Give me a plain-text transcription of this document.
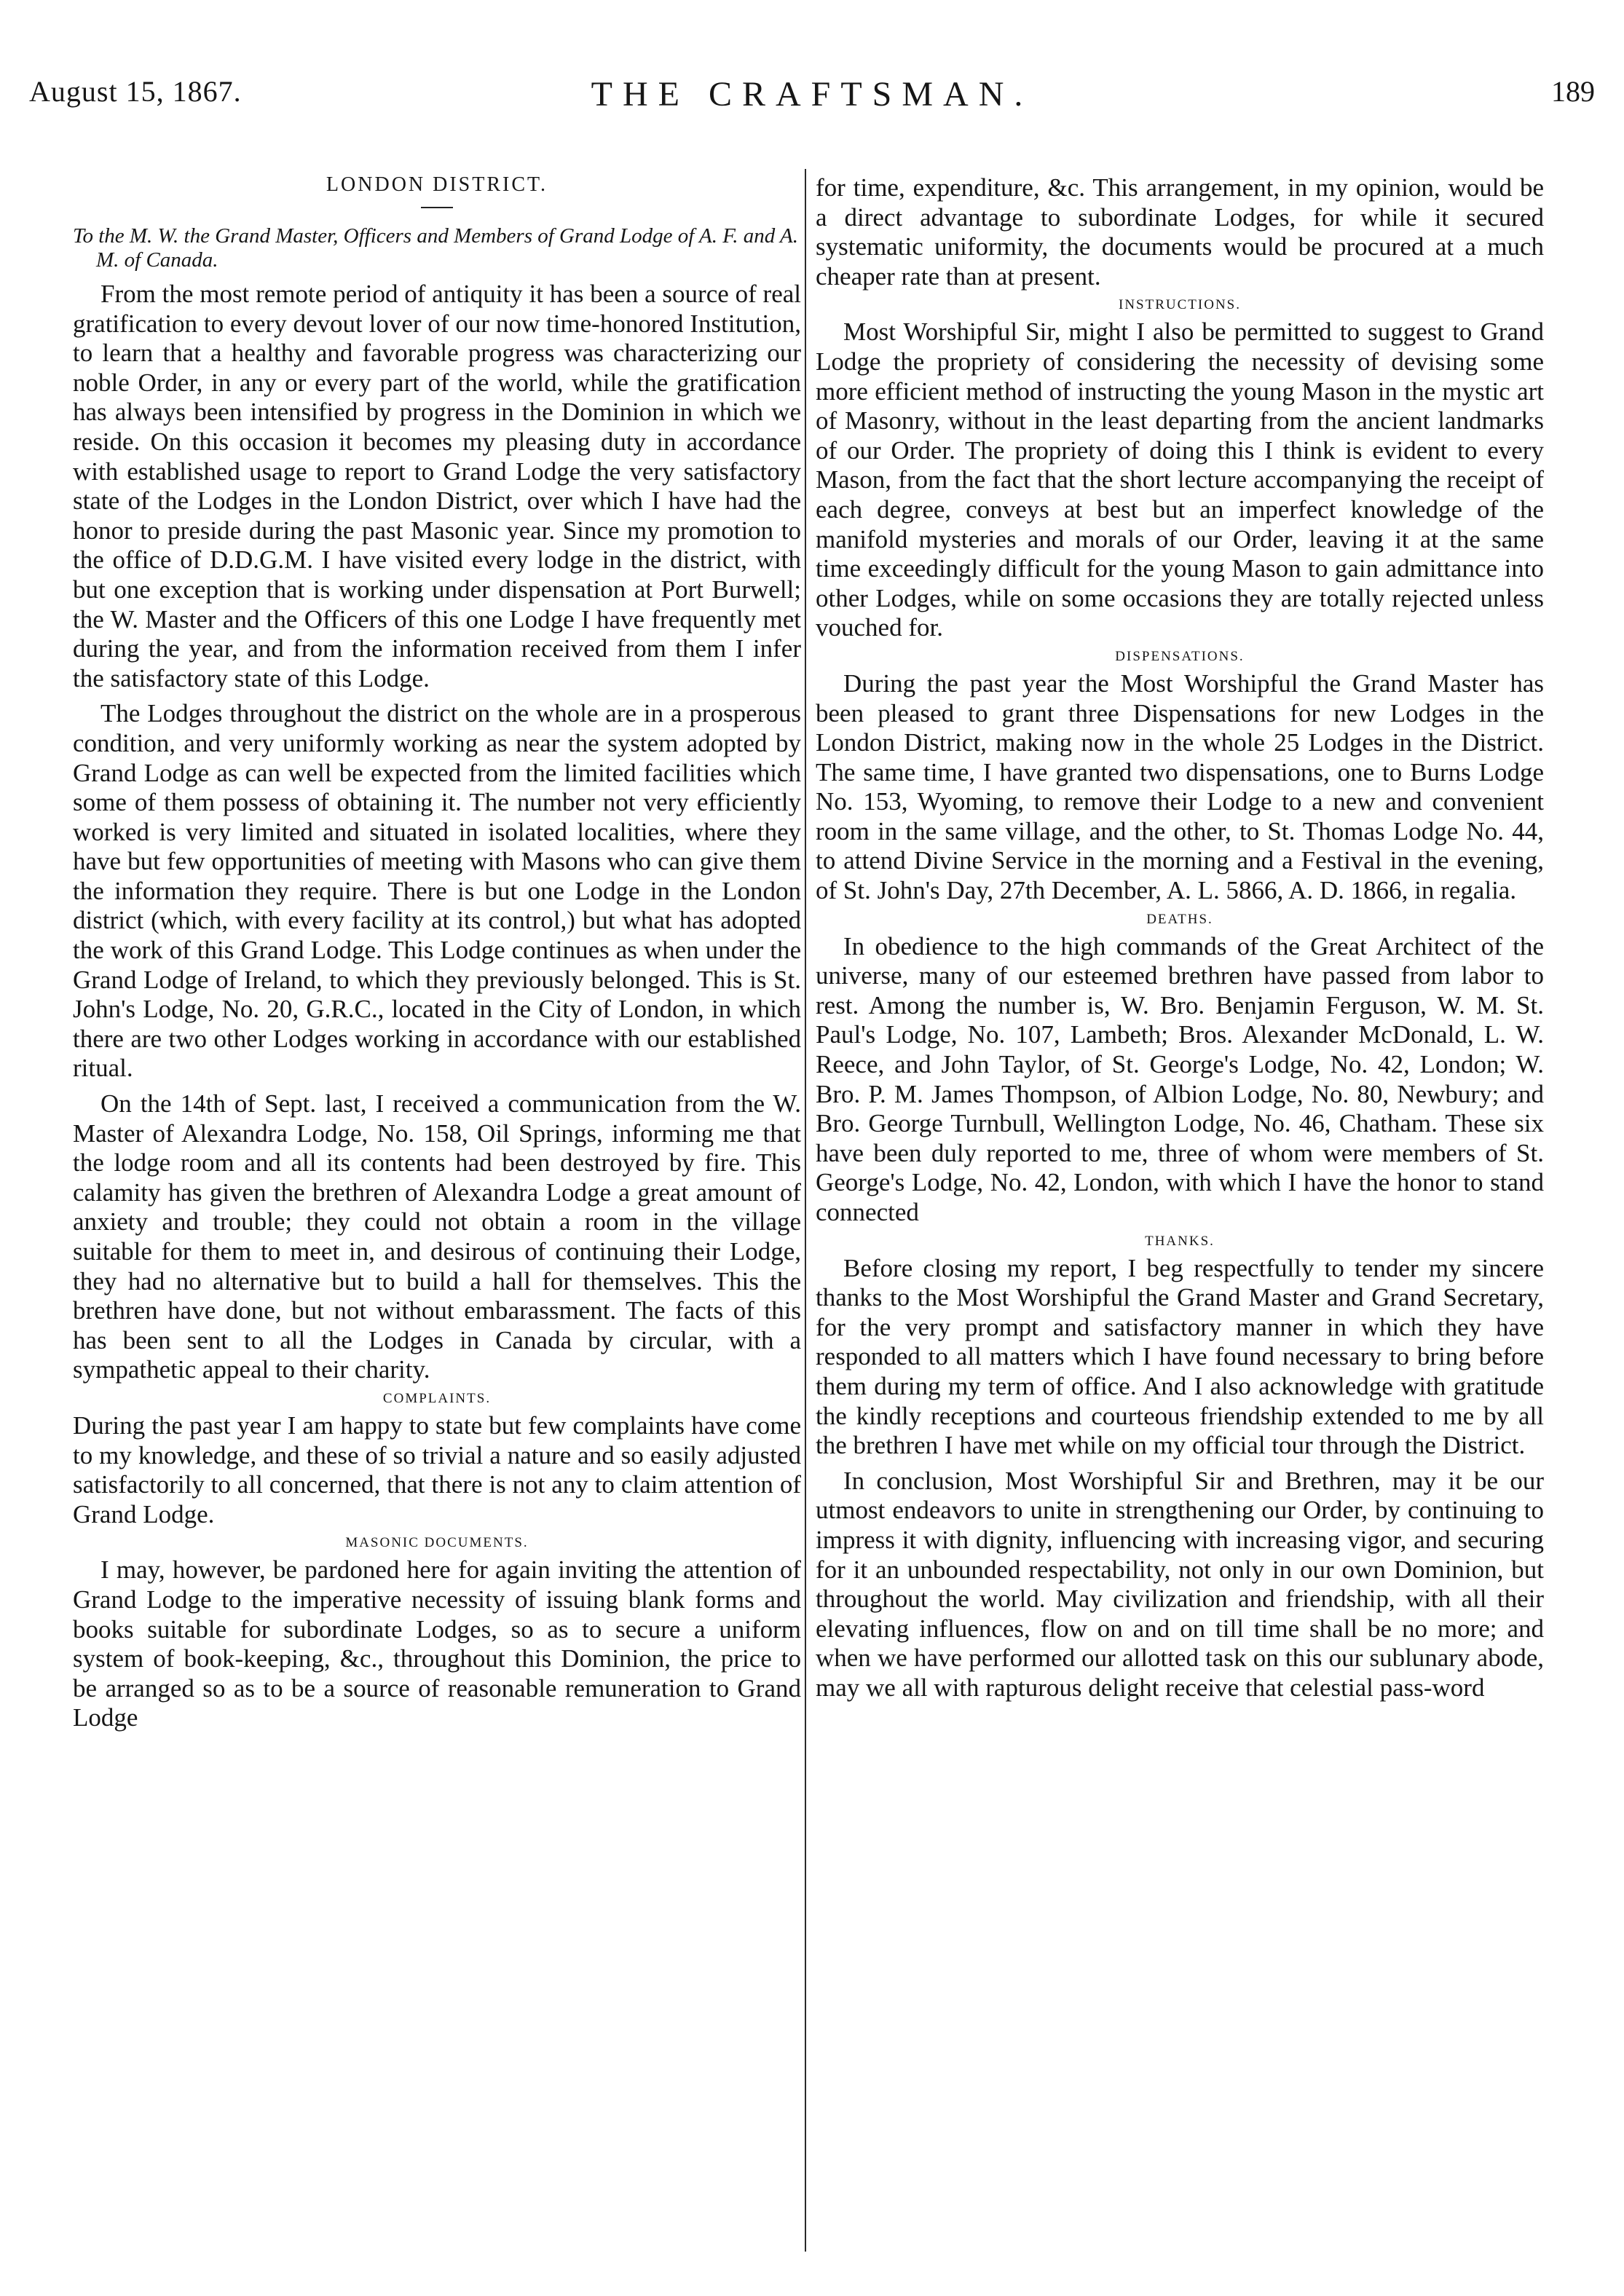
August 15, 1867.	THE CRAFTSMAN.	189
LONDON DISTRICT.

To the M. W. the Grand Master, Officers and Members of Grand Lodge of A. F. and A. M. of Canada.

From the most remote period of antiquity it has been a source of real gratification to every devout lover of our now time-honored Institution, to learn that a healthy and favorable progress was characterizing our noble Order, in any or every part of the world, while the gratification has always been intensified by progress in the Dominion in which we reside. On this occasion it becomes my pleasing duty in accordance with established usage to report to Grand Lodge the very satisfactory state of the Lodges in the London District, over which I have had the honor to preside during the past Masonic year. Since my promotion to the office of D.D.G.M. I have visited every lodge in the district, with but one exception that is working under dispensation at Port Burwell; the W. Master and the Officers of this one Lodge I have frequently met during the year, and from the information received from them I infer the satisfactory state of this Lodge.

The Lodges throughout the district on the whole are in a prosperous condition, and very uniformly working as near the system adopted by Grand Lodge as can well be expected from the limited facilities which some of them possess of obtaining it. The number not very efficiently worked is very limited and situated in isolated localities, where they have but few opportunities of meeting with Masons who can give them the information they require. There is but one Lodge in the London district (which, with every facility at its control,) but what has adopted the work of this Grand Lodge. This Lodge continues as when under the Grand Lodge of Ireland, to which they previously belonged. This is St. John's Lodge, No. 20, G.R.C., located in the City of London, in which there are two other Lodges working in accordance with our established ritual.

On the 14th of Sept. last, I received a communication from the W. Master of Alexandra Lodge, No. 158, Oil Springs, informing me that the lodge room and all its contents had been destroyed by fire. This calamity has given the brethren of Alexandra Lodge a great amount of anxiety and trouble; they could not obtain a room in the village suitable for them to meet in, and desirous of continuing their Lodge, they had no alternative but to build a hall for themselves. This the brethren have done, but not without embarassment. The facts of this has been sent to all the Lodges in Canada by circular, with a sympathetic appeal to their charity.

COMPLAINTS.

During the past year I am happy to state but few complaints have come to my knowledge, and these of so trivial a nature and so easily adjusted satisfactorily to all concerned, that there is not any to claim attention of Grand Lodge.

MASONIC DOCUMENTS.

I may, however, be pardoned here for again inviting the attention of Grand Lodge to the imperative necessity of issuing blank forms and books suitable for subordinate Lodges, so as to secure a uniform system of book-keeping, &c., throughout this Dominion, the price to be arranged so as to be a source of reasonable remuneration to Grand Lodge

for time, expenditure, &c. This arrangement, in my opinion, would be a direct advantage to subordinate Lodges, for while it secured systematic uniformity, the documents would be procured at a much cheaper rate than at present.

INSTRUCTIONS.

Most Worshipful Sir, might I also be permitted to suggest to Grand Lodge the propriety of considering the necessity of devising some more efficient method of instructing the young Mason in the mystic art of Masonry, without in the least departing from the ancient landmarks of our Order. The propriety of doing this I think is evident to every Mason, from the fact that the short lecture accompanying the receipt of each degree, conveys at best but an imperfect knowledge of the manifold mysteries and morals of our Order, leaving it at the same time exceedingly difficult for the young Mason to gain admittance into other Lodges, while on some occasions they are totally rejected unless vouched for.

DISPENSATIONS.

During the past year the Most Worshipful the Grand Master has been pleased to grant three Dispensations for new Lodges in the London District, making now in the whole 25 Lodges in the District. The same time, I have granted two dispensations, one to Burns Lodge No. 153, Wyoming, to remove their Lodge to a new and convenient room in the same village, and the other, to St. Thomas Lodge No. 44, to attend Divine Service in the morning and a Festival in the evening, of St. John's Day, 27th December, A. L. 5866, A. D. 1866, in regalia.

DEATHS.

In obedience to the high commands of the Great Architect of the universe, many of our esteemed brethren have passed from labor to rest. Among the number is, W. Bro. Benjamin Ferguson, W. M. St. Paul's Lodge, No. 107, Lambeth; Bros. Alexander McDonald, L. W. Reece, and John Taylor, of St. George's Lodge, No. 42, London; W. Bro. P. M. James Thompson, of Albion Lodge, No. 80, Newbury; and Bro. George Turnbull, Wellington Lodge, No. 46, Chatham. These six have been duly reported to me, three of whom were members of St. George's Lodge, No. 42, London, with which I have the honor to stand connected

THANKS.

Before closing my report, I beg respectfully to tender my sincere thanks to the Most Worshipful the Grand Master and Grand Secretary, for the very prompt and satisfactory manner in which they have responded to all matters which I have found necessary to bring before them during my term of office. And I also acknowledge with gratitude the kindly receptions and courteous friendship extended to me by all the brethren I have met while on my official tour through the District.

In conclusion, Most Worshipful Sir and Brethren, may it be our utmost endeavors to unite in strengthening our Order, by continuing to impress it with dignity, influencing with increasing vigor, and securing for it an unbounded respectability, not only in our own Dominion, but throughout the world. May civilization and friendship, with all their elevating influences, flow on and on till time shall be no more; and when we have performed our allotted task on this our sublunary abode, may we all with rapturous delight receive that celestial pass-word
